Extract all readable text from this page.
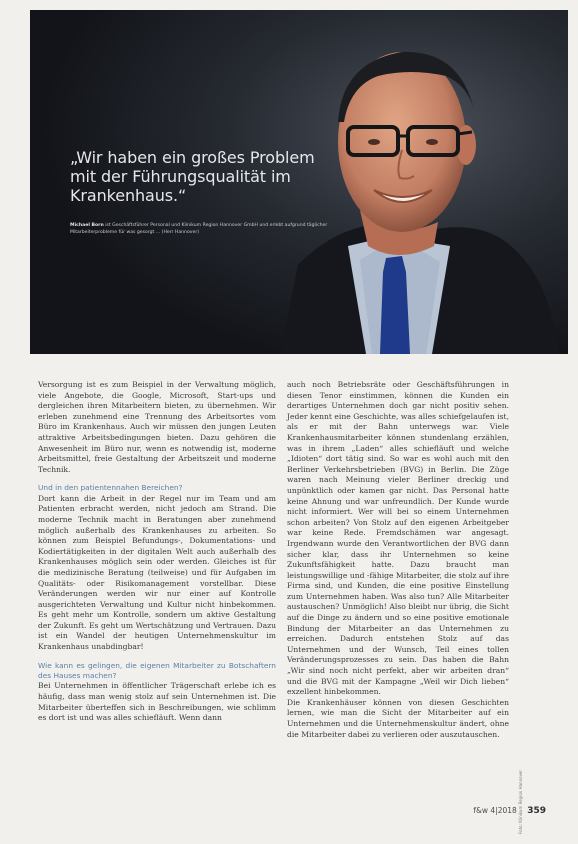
„Wir haben ein großes Problem mit der Führungsqualität im Krankenhaus.“
Michael Born ist Geschäftsführer Personal und Klinikum Region Hannover GmbH und erlebt aufgrund täglicher Mitarbeiterprobleme für was gesorgt ... (Herr Hannover)

Versorgung ist es zum Beispiel in der Verwaltung möglich, viele Angebote, die Google, Microsoft, Start-ups und dergleichen ihren Mitarbeitern bieten, zu übernehmen. Wir erleben zunehmend eine Trennung des Arbeitsortes vom Büro im Krankenhaus. Auch wir müssen den jungen Leuten attraktive Arbeitsbedingungen bieten. Dazu gehören die Anwesenheit im Büro nur, wenn es notwendig ist, moderne Arbeitsmittel, freie Gestaltung der Arbeitszeit und moderne Technik.

Und in den patientennahen Bereichen?

Dort kann die Arbeit in der Regel nur im Team und am Patienten erbracht werden, nicht jedoch am Strand. Die moderne Technik macht in Beratungen aber zunehmend möglich außerhalb des Krankenhauses zu arbeiten. So können zum Beispiel Befundungs-, Dokumentations- und Kodiertätigkeiten in der digitalen Welt auch außerhalb des Krankenhauses möglich sein oder werden. Gleiches ist für die medizinische Beratung (teilweise) und für Aufgaben im Qualitäts- oder Risikomanagement vorstellbar. Diese Veränderungen werden wir nur einer auf Kontrolle ausgerichteten Verwaltung und Kultur nicht hinbekommen. Es geht mehr um Kontrolle, sondern um aktive Gestaltung der Zukunft. Es geht um Wertschätzung und Vertrauen. Dazu ist ein Wandel der heutigen Unternehmenskultur im Krankenhaus unabdingbar!

Wie kann es gelingen, die eigenen Mitarbeiter zu Botschaftern des Hauses machen?

Bei Unternehmen in öffentlicher Trägerschaft erlebe ich es häufig, dass man wenig stolz auf sein Unternehmen ist. Die Mitarbeiter überteffen sich in Beschreibungen, wie schlimm es dort ist und was alles schiefläuft. Wenn dann

auch noch Betriebsräte oder Geschäftsführungen in diesen Tenor einstimmen, können die Kunden ein derartiges Unternehmen doch gar nicht positiv sehen. Jeder kennt eine Geschichte, was alles schiefgelaufen ist, als er mit der Bahn unterwegs war. Viele Krankenhausmitarbeiter können stundenlang erzählen, was in ihrem „Laden“ alles schiefläuft und welche „Idioten“ dort tätig sind. So war es wohl auch mit den Berliner Verkehrsbetrieben (BVG) in Berlin. Die Züge waren nach Meinung vieler Berliner dreckig und unpünktlich oder kamen gar nicht. Das Personal hatte keine Ahnung und war unfreundlich. Der Kunde wurde nicht informiert. Wer will bei so einem Unternehmen schon arbeiten? Von Stolz auf den eigenen Arbeitgeber war keine Rede. Fremdschämen war angesagt. Irgendwann wurde den Verantwortlichen der BVG dann sicher klar, dass ihr Unternehmen so keine Zukunftsfähigkeit hatte. Dazu braucht man leistungswillige und -fähige Mitarbeiter, die stolz auf ihre Firma sind, und Kunden, die eine positive Einstellung zum Unternehmen haben. Was also tun? Alle Mitarbeiter austauschen? Unmöglich! Also bleibt nur übrig, die Sicht auf die Dinge zu ändern und so eine positive emotionale Bindung der Mitarbeiter an das Unternehmen zu erreichen. Dadurch entstehen Stolz auf das Unternehmen und der Wunsch, Teil eines tollen Veränderungsprozesses zu sein. Das haben die Bahn „Wir sind noch nicht perfekt, aber wir arbeiten dran“ und die BVG mit der Kampagne „Weil wir Dich lieben“ exzellent hinbekommen.

Die Krankenhäuser können von diesen Geschichten lernen, wie man die Sicht der Mitarbeiter auf ein Unternehmen und die Unternehmenskultur ändert, ohne die Mitarbeiter dabei zu verlieren oder auszutauschen.

Foto: Klinikum Region Hannover
f&w 4|2018 359
